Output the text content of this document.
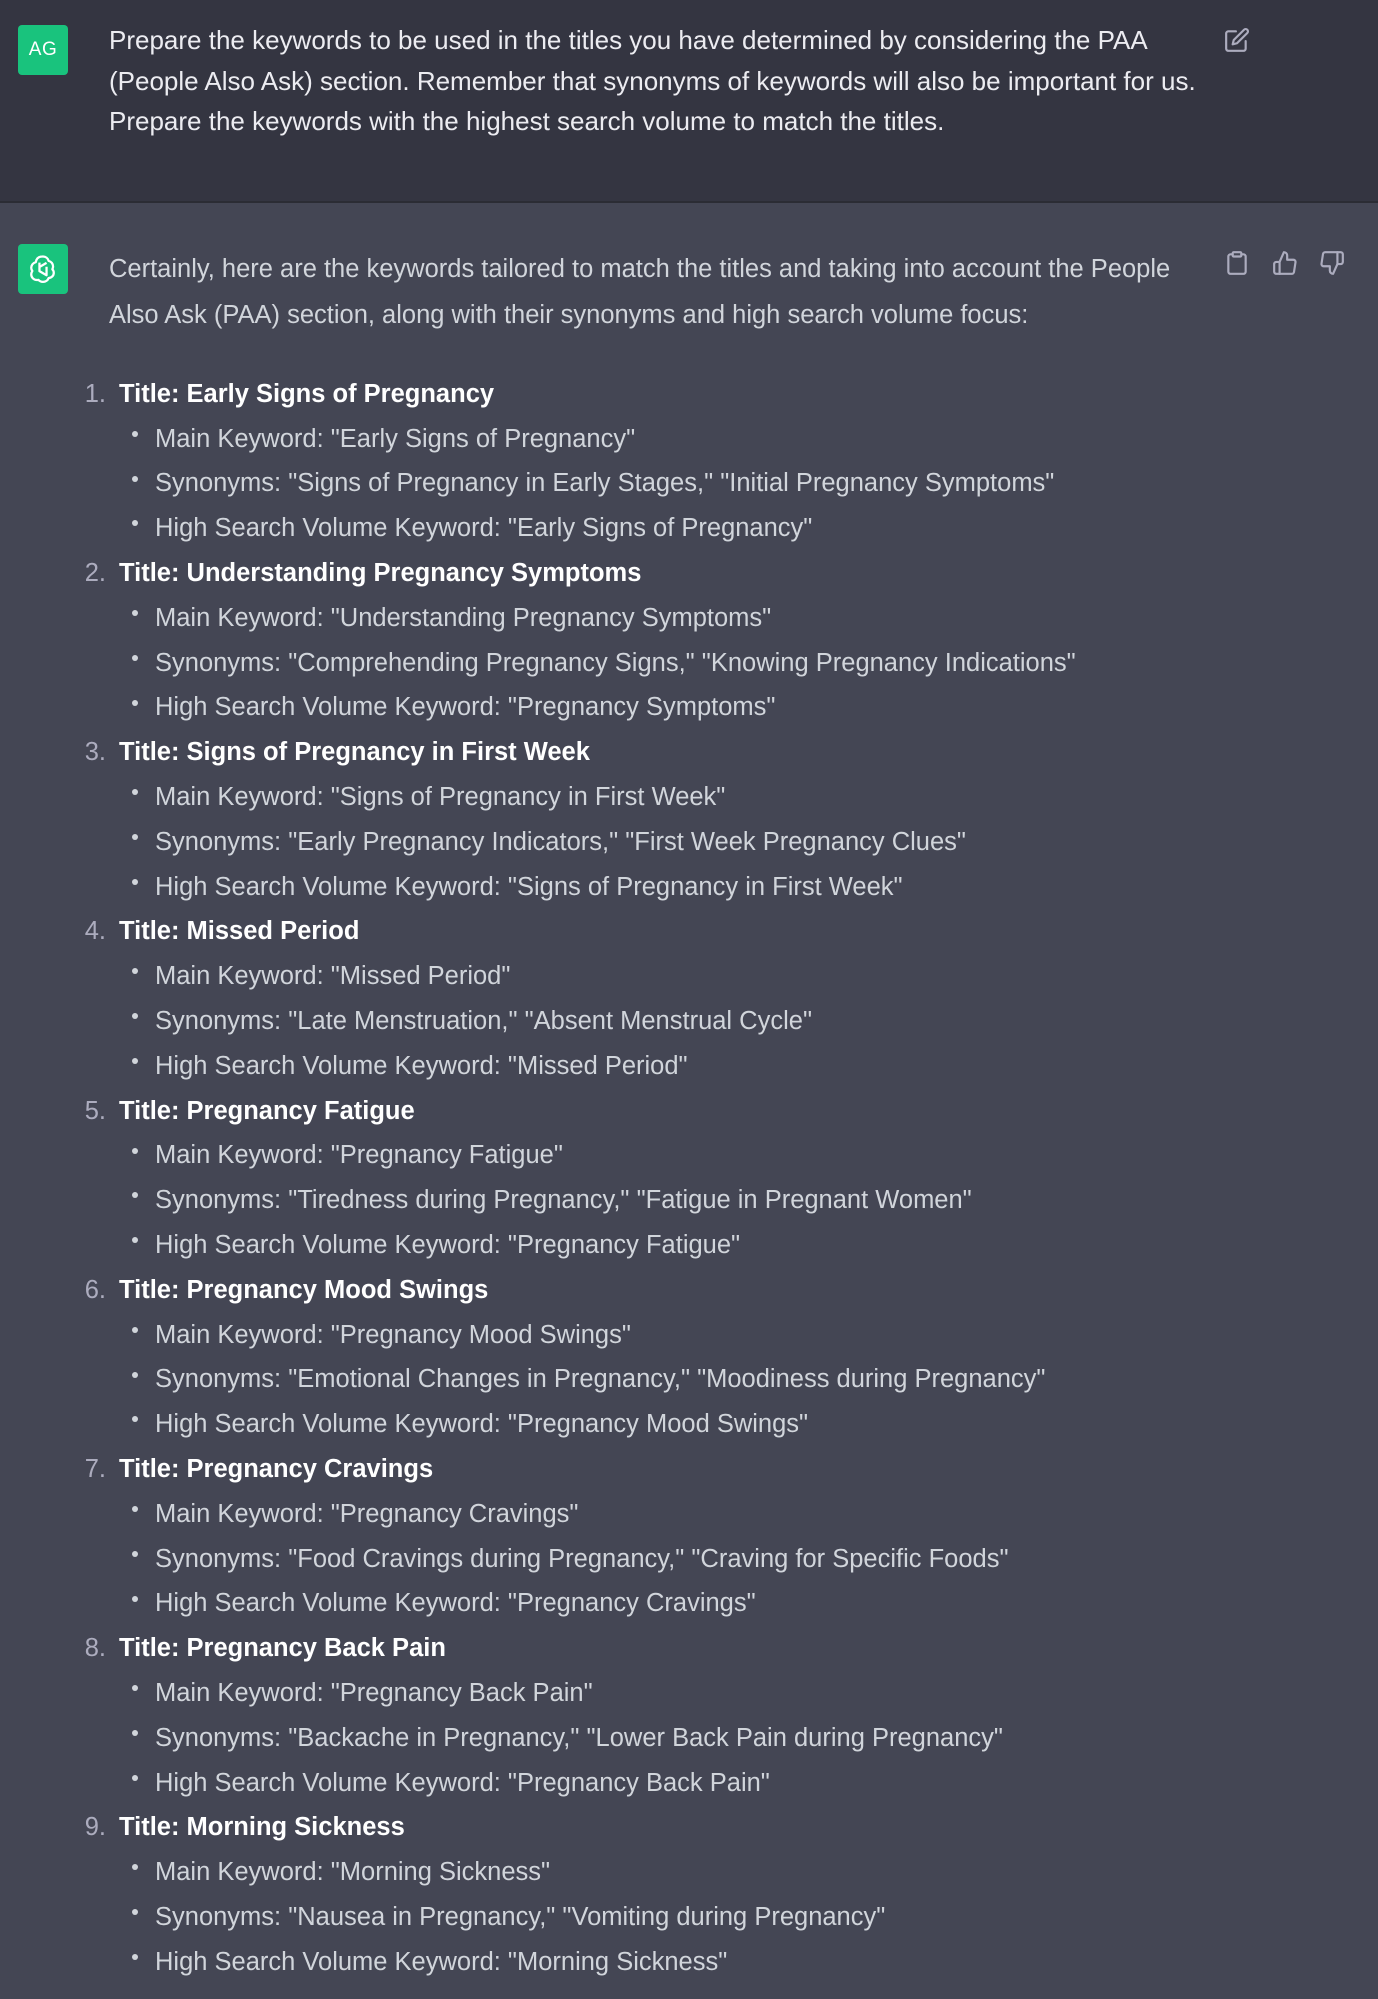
AG	Prepare the keywords to be used in the titles you have determined by considering the PAA (People Also Ask) section. Remember that synonyms of keywords will also be important for us. Prepare the keywords with the highest search volume to match the titles.
Certainly, here are the keywords tailored to match the titles and taking into account the People Also Ask (PAA) section, along with their synonyms and high search volume focus:
1. Title: Early Signs of Pregnancy
Main Keyword: "Early Signs of Pregnancy"
Synonyms: "Signs of Pregnancy in Early Stages," "Initial Pregnancy Symptoms"
High Search Volume Keyword: "Early Signs of Pregnancy"
2. Title: Understanding Pregnancy Symptoms
Main Keyword: "Understanding Pregnancy Symptoms"
Synonyms: "Comprehending Pregnancy Signs," "Knowing Pregnancy Indications"
High Search Volume Keyword: "Pregnancy Symptoms"
3. Title: Signs of Pregnancy in First Week
Main Keyword: "Signs of Pregnancy in First Week"
Synonyms: "Early Pregnancy Indicators," "First Week Pregnancy Clues"
High Search Volume Keyword: "Signs of Pregnancy in First Week"
4. Title: Missed Period
Main Keyword: "Missed Period"
Synonyms: "Late Menstruation," "Absent Menstrual Cycle"
High Search Volume Keyword: "Missed Period"
5. Title: Pregnancy Fatigue
Main Keyword: "Pregnancy Fatigue"
Synonyms: "Tiredness during Pregnancy," "Fatigue in Pregnant Women"
High Search Volume Keyword: "Pregnancy Fatigue"
6. Title: Pregnancy Mood Swings
Main Keyword: "Pregnancy Mood Swings"
Synonyms: "Emotional Changes in Pregnancy," "Moodiness during Pregnancy"
High Search Volume Keyword: "Pregnancy Mood Swings"
7. Title: Pregnancy Cravings
Main Keyword: "Pregnancy Cravings"
Synonyms: "Food Cravings during Pregnancy," "Craving for Specific Foods"
High Search Volume Keyword: "Pregnancy Cravings"
8. Title: Pregnancy Back Pain
Main Keyword: "Pregnancy Back Pain"
Synonyms: "Backache in Pregnancy," "Lower Back Pain during Pregnancy"
High Search Volume Keyword: "Pregnancy Back Pain"
9. Title: Morning Sickness
Main Keyword: "Morning Sickness"
Synonyms: "Nausea in Pregnancy," "Vomiting during Pregnancy"
High Search Volume Keyword: "Morning Sickness"
